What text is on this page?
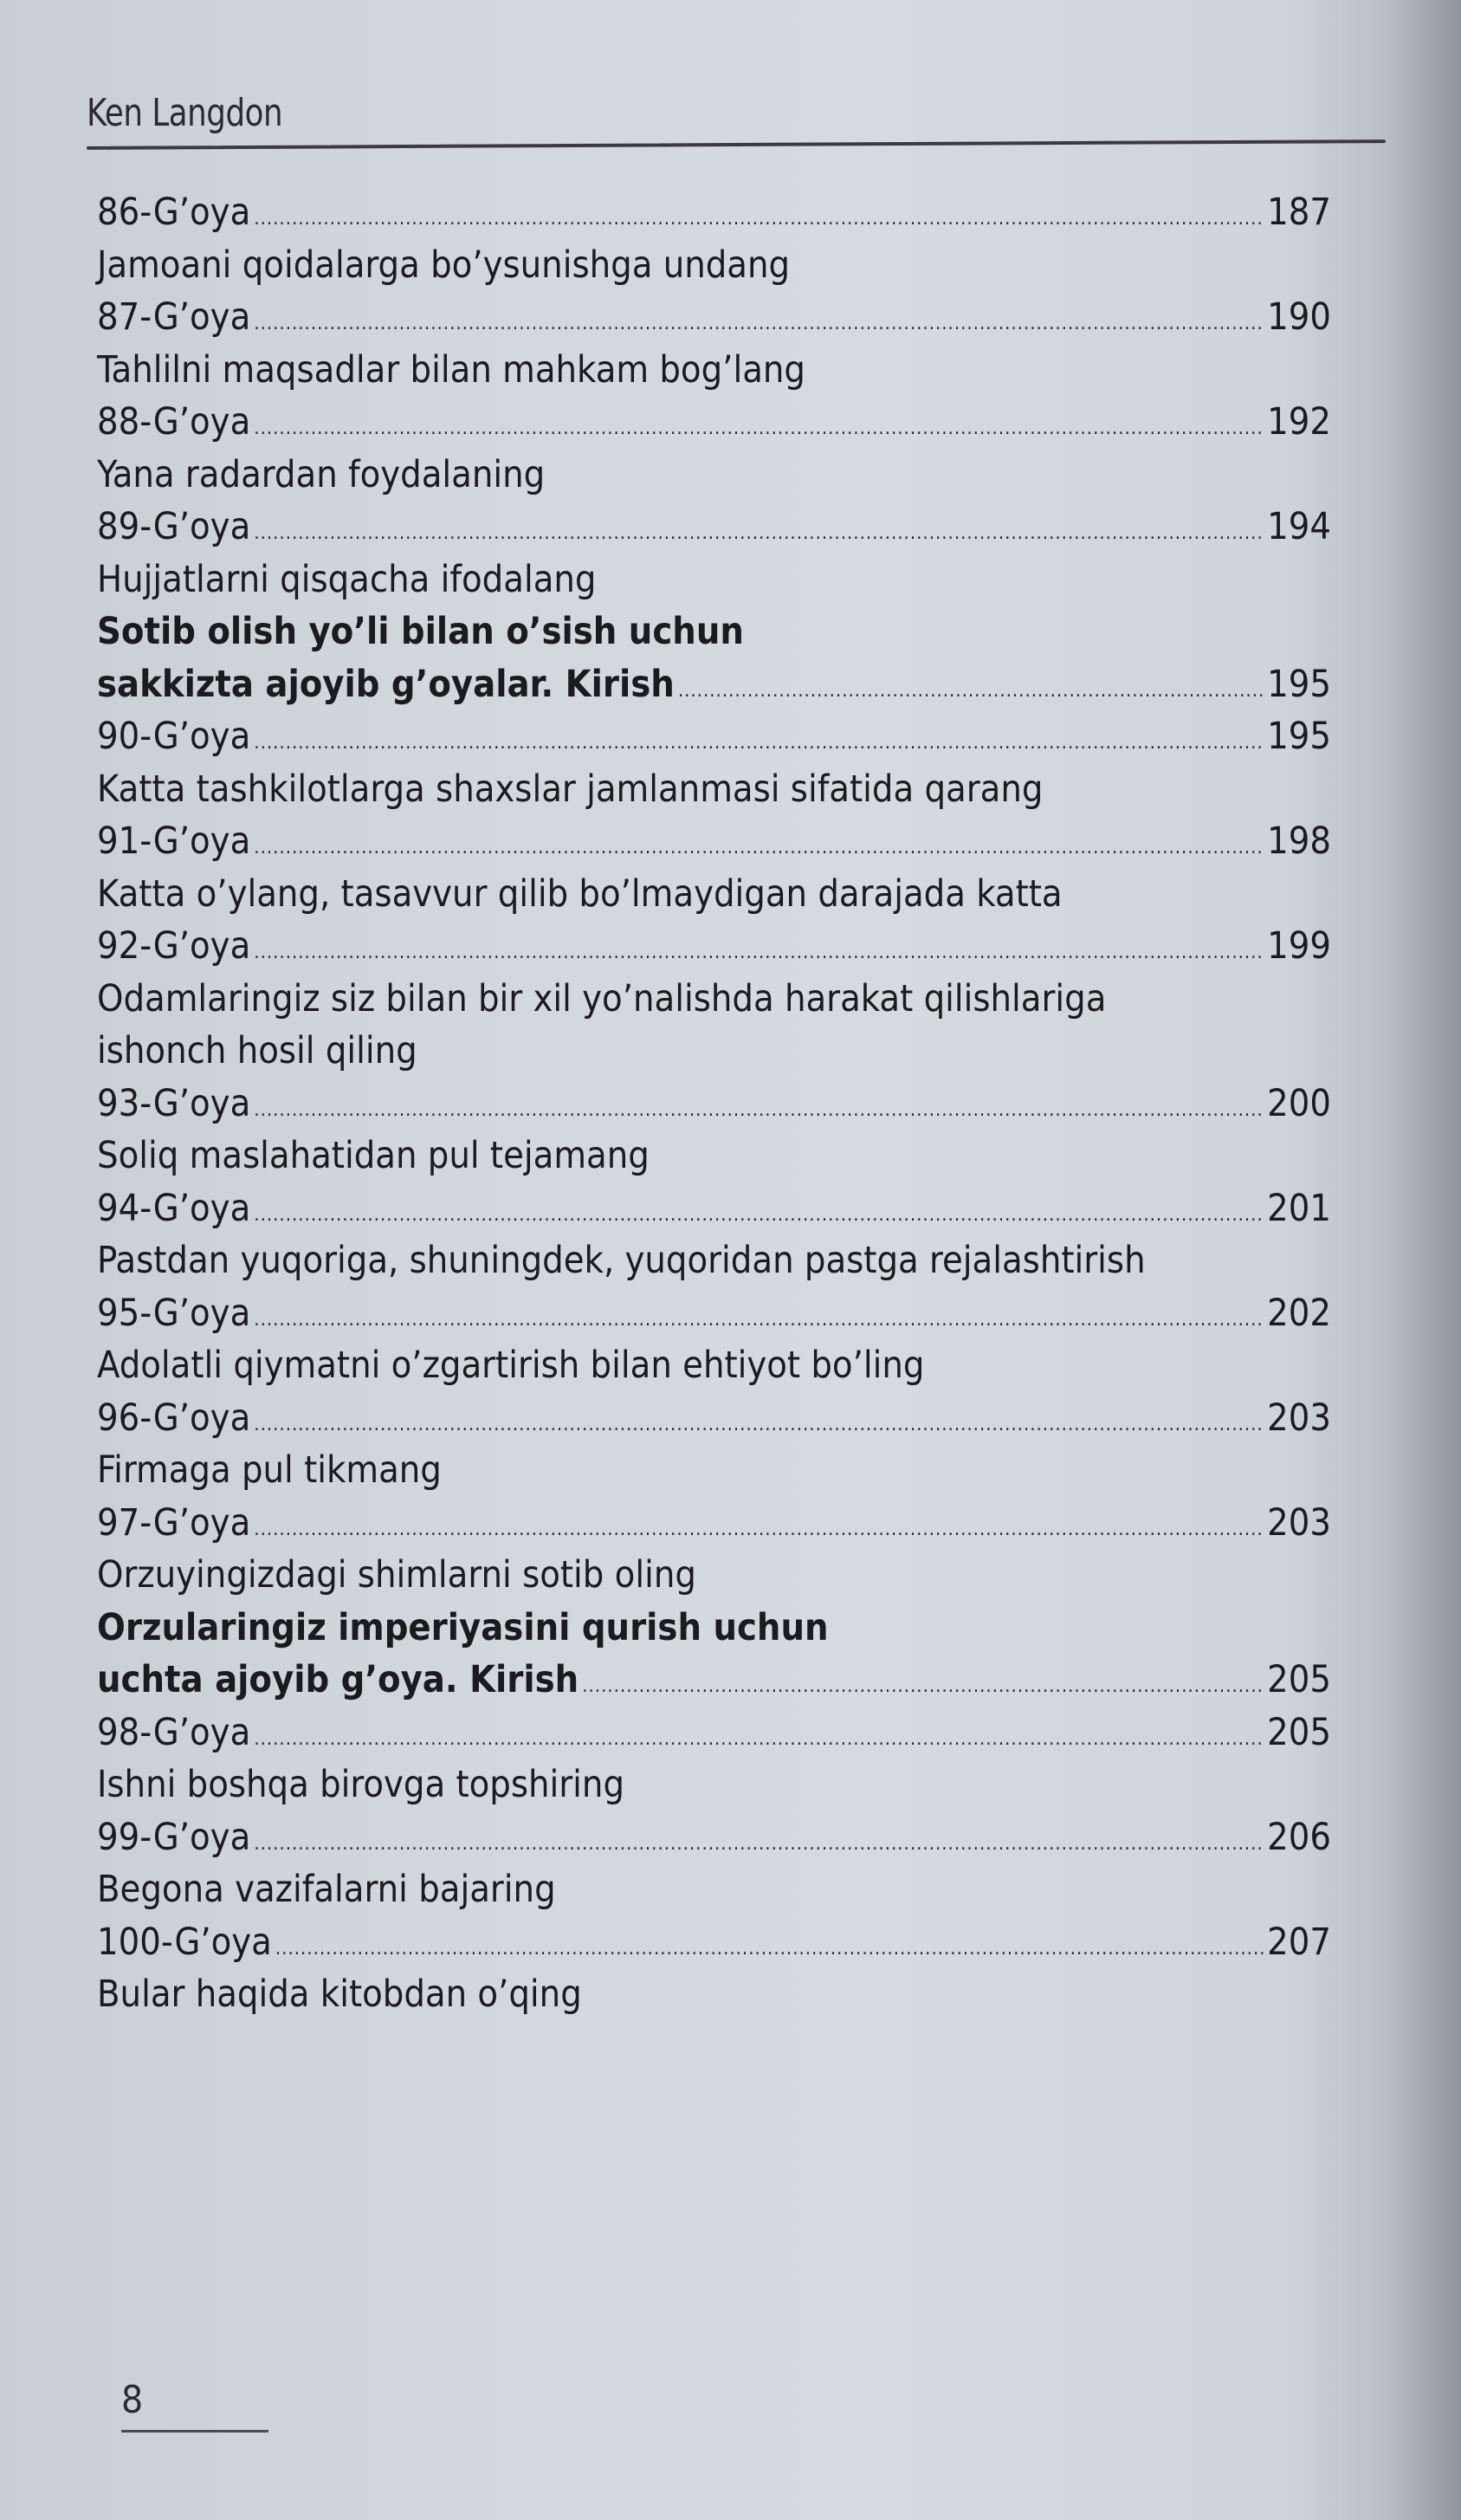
Ken Langdon
86-G’oya .....	187
Jamoani qoidalarga bo’ysunishga undang
87-G’oya .....	190
Tahlilni maqsadlar bilan mahkam bog’lang
88-G’oya .....	192
Yana radardan foydalaning
89-G’oya .....	194
Hujjatlarni qisqacha ifodalang
Sotib olish yo’li bilan o’sish uchun
sakkizta ajoyib g’oyalar. Kirish .....	195
90-G’oya .....	195
Katta tashkilotlarga shaxslar jamlanmasi sifatida qarang
91-G’oya .....	198
Katta o’ylang, tasavvur qilib bo’lmaydigan darajada katta
92-G’oya .....	199
Odamlaringiz siz bilan bir xil yo’nalishda harakat qilishlariga
ishonch hosil qiling
93-G’oya .....	200
Soliq maslahatidan pul tejamang
94-G’oya .....	201
Pastdan yuqoriga, shuningdek, yuqoridan pastga rejalashtirish
95-G’oya .....	202
Adolatli qiymatni o’zgartirish bilan ehtiyot bo’ling
96-G’oya .....	203
Firmaga pul tikmang
97-G’oya .....	203
Orzuyingizdagi shimlarni sotib oling
Orzularingiz imperiyasini qurish uchun
uchta ajoyib g’oya. Kirish .....	205
98-G’oya .....	205
Ishni boshqa birovga topshiring
99-G’oya .....	206
Begona vazifalarni bajaring
100-G’oya .....	207
Bular haqida kitobdan o’qing
8
